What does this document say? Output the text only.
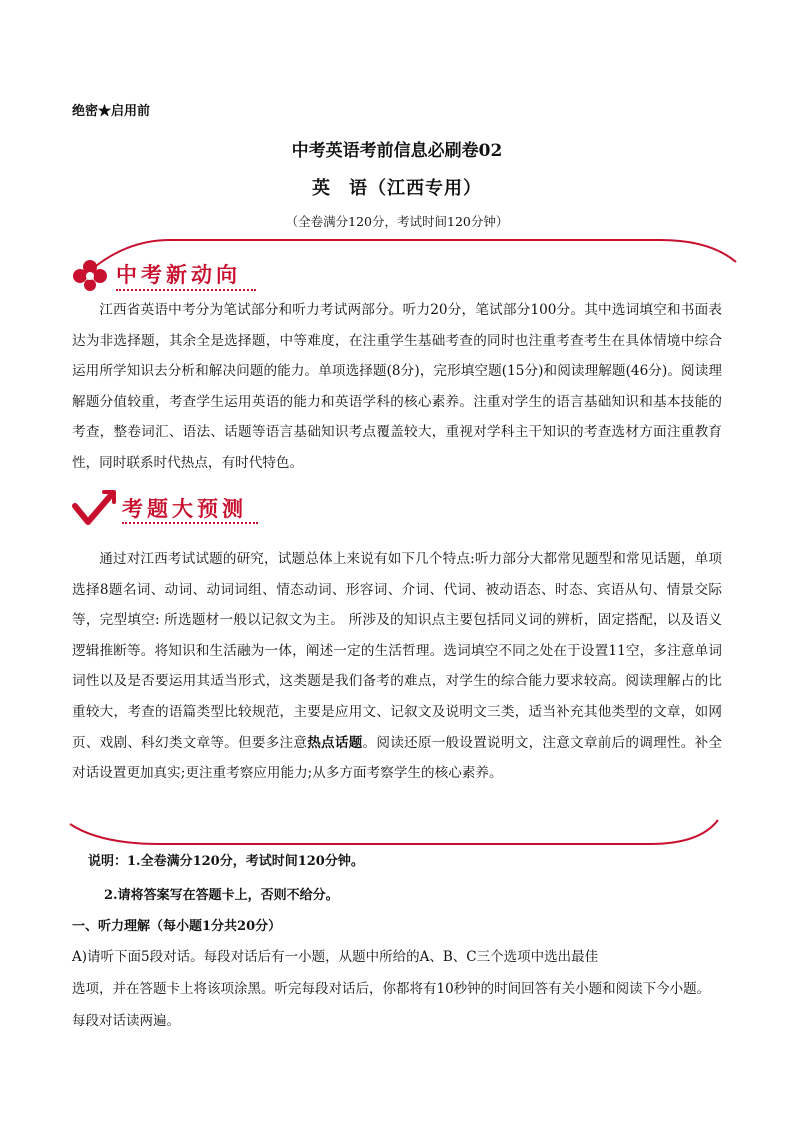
绝密★启用前
中考英语考前信息必刷卷02
英 语（江西专用）
（全卷满分120分，考试时间120分钟）
中考新动向

江西省英语中考分为笔试部分和听力考试两部分。听力20分，笔试部分100分。其中选词填空和书面表达为非选择题，其余全是选择题，中等难度，在注重学生基础考查的同时也注重考查考生在具体情境中综合运用所学知识去分析和解决问题的能力。单项选择题(8分)，完形填空题(15分)和阅读理解题(46分)。阅读理解题分值较重，考查学生运用英语的能力和英语学科的核心素养。注重对学生的语言基础知识和基本技能的考查，整卷词汇、语法、话题等语言基础知识考点覆盖较大，重视对学科主干知识的考查选材方面注重教育性，同时联系时代热点，有时代特色。

考题大预测

通过对江西考试试题的研究，试题总体上来说有如下几个特点:听力部分大都常见题型和常见话题，单项选择8题名词、动词、动词词组、情态动词、形容词、介词、代词、被动语态、时态、宾语从句、情景交际等，完型填空: 所选题材一般以记叙文为主。 所涉及的知识点主要包括同义词的辨析，固定搭配，以及语义逻辑推断等。将知识和生活融为一体，阐述一定的生活哲理。选词填空不同之处在于设置11空，多注意单词词性以及是否要运用其适当形式，这类题是我们备考的难点，对学生的综合能力要求较高。阅读理解占的比重较大，考查的语篇类型比较规范，主要是应用文、记叙文及说明文三类，适当补充其他类型的文章，如网页、戏剧、科幻类文章等。但要多注意热点话题。阅读还原一般设置说明文，注意文章前后的调理性。补全对话设置更加真实;更注重考察应用能力;从多方面考察学生的核心素养。

说明：1.全卷满分120分，考试时间120分钟。
2.请将答案写在答题卡上，否则不给分。
一、听力理解（每小题1分共20分）
A)请听下面5段对话。每段对话后有一小题，从题中所给的A、B、C三个选项中选出最佳
选项，并在答题卡上将该项涂黑。听完每段对话后，你都将有10秒钟的时间回答有关小题和阅读下今小题。
每段对话读两遍。
